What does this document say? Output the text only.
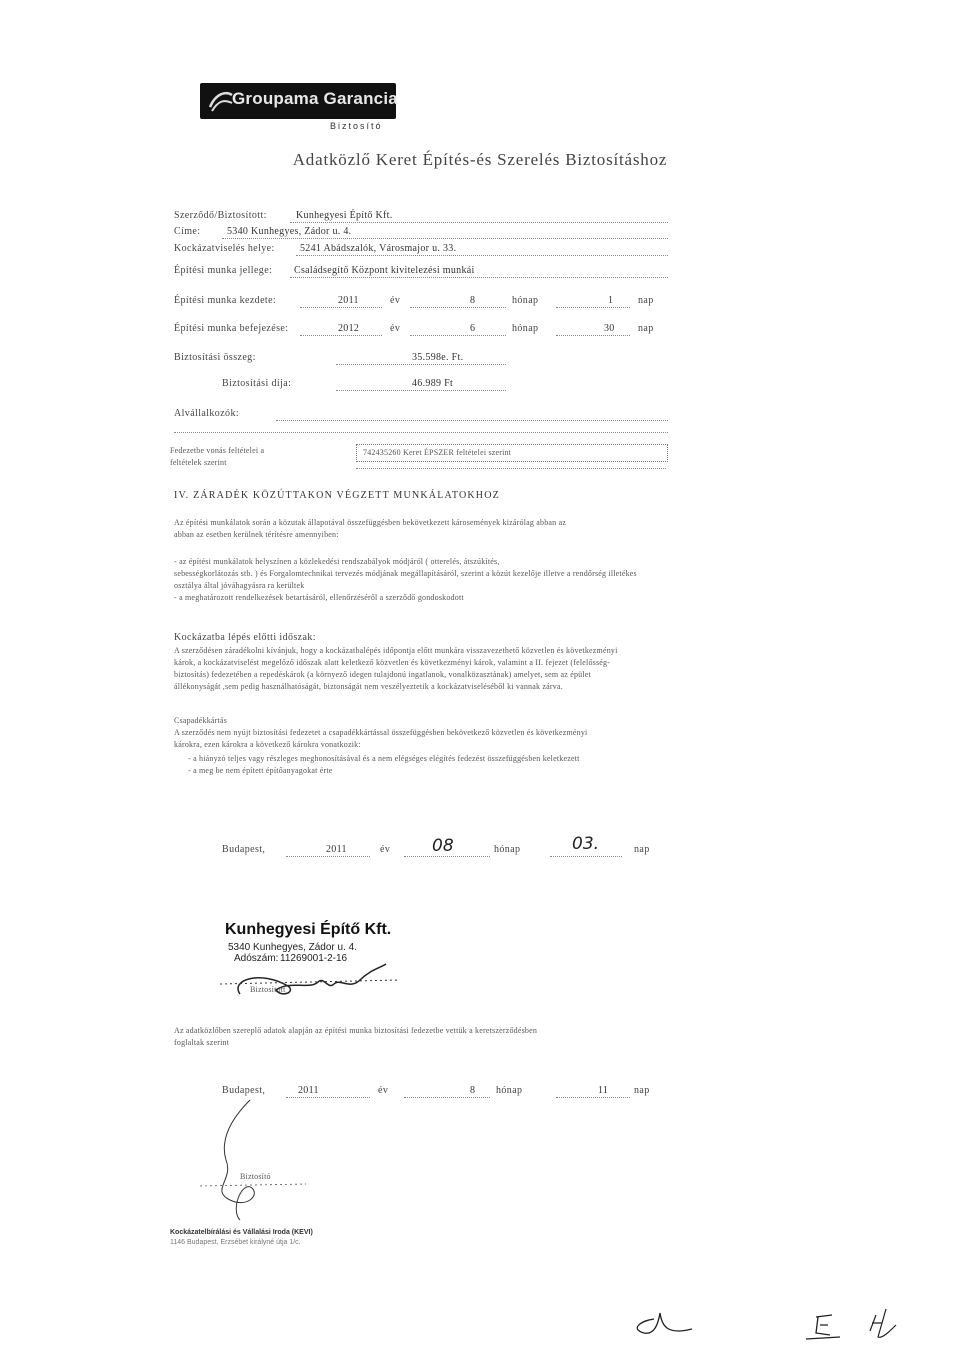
Groupama Garancia
Biztosító
Adatközlő Keret Építés-és Szerelés Biztosításhoz
Szerződő/Biztosított:	Kunhegyesi Építő Kft.
Címe:	5340 Kunhegyes, Zádor u. 4.
Kockázatviselés helye:	5241 Abádszalók, Városmajor u. 33.
Építési munka jellege: Családsegítő Központ kivitelezési munkái
Építési munka kezdete:	2011	év	8	hónap	1 nap
Építési munka befejezése:	2012	év	6	hónap	30 nap
Biztosítási összeg:	35.598e. Ft.
Biztosítási díja:	46.989 Ft
Alvállalkozók:
Fedezetbe vonás feltételei a
feltételek szerint
742435260 Keret ÉPSZER feltételei szerint
IV. ZÁRADÉK KÖZÚTTAKON VÉGZETT MUNKÁLATOKHOZ
Az építési munkálatok során a közutak állapotával összefüggésben bekövetkezett károsemények kizárólag abban az
abban az esetben kerülnek térítésre amennyiben:
- az építési munkálatok helyszínen a közlekedési rendszabályok módjáról ( otterelés, átszúkítés,
sebességkorlátozás stb. ) és Forgalomtechnikai tervezés módjának megállapításáról, szerint a közút kezelője illetve a rendőrség illetékes
osztálya által jóváhagyásra ra kerültek
- a meghatározott rendelkezések betartásáról, ellenőrzéséről a szerződő gondoskodott
Kockázatba lépés előtti időszak:
A szerződésen záradékolni kívánjuk, hogy a kockázatbalépés időpontja előtt munkára visszavezethető közvetlen és következményi
károk, a kockázatviselést megelőző időszak alatt keletkező közvetlen és következményi károk, valamint a II. fejezet (felelősség-
biztosítás) fedezetében a repedéskárok (a környező idegen tulajdonú ingatlanok, vonalközasztának) amelyet, sem az épület
állékonyságát ,sem pedig használhatóságát, biztonságát nem veszélyeztetik a kockázatviseléséből ki vannak zárva.
Csapadékkártás
A szerződés nem nyújt biztosítási fedezetet a csapadékkártással összefüggésben bekövetkező közvetlen és következményi
károkra, ezen károkra a következő károkra vonatkozik:
- a hiányzó teljes vagy részleges meghonosításával és a nem elégséges elégítés fedezést összefüggésben keletkezett
- a meg be nem épített építőanyagokat érte
Budapest,	2011	év 08	hónap	03.	nap
Kunhegyesi Építő Kft.
5340 Kunhegyes, Zádor u. 4.
Adószám: 11269001-2-16
Biztosított
Az adatközlőben szereplő adatok alapján az építési munka biztosítási fedezetbe vettük a keretszerződésben
foglaltak szerint
Budapest,	2011	év	8 hónap	11	nap
Biztosító
Kockázatelbírálási és Vállalási Iroda (KEVI)
1146 Budapest, Erzsébet királyné útja 1/c.
